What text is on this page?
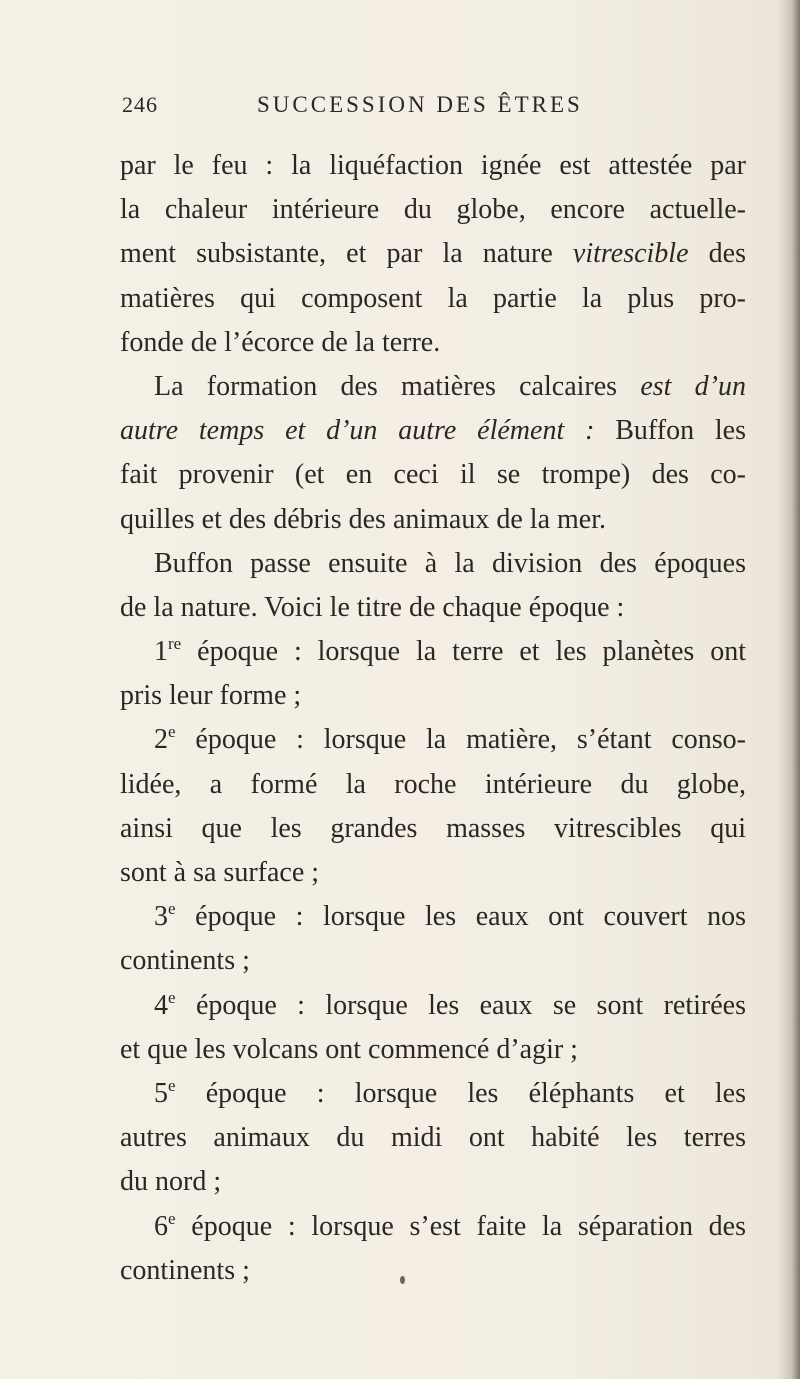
246	SUCCESSION DES ÊTRES
par le feu : la liquéfaction ignée est attestée par
la chaleur intérieure du globe, encore actuelle-
ment subsistante, et par la nature vitrescible des
matières qui composent la partie la plus pro-
fonde de l’écorce de la terre.
La formation des matières calcaires est d’un
autre temps et d’un autre élément : Buffon les
fait provenir (et en ceci il se trompe) des co-
quilles et des débris des animaux de la mer.
Buffon passe ensuite à la division des époques
de la nature. Voici le titre de chaque époque :
1re époque : lorsque la terre et les planètes ont
pris leur forme ;
2e époque : lorsque la matière, s’étant conso-
lidée, a formé la roche intérieure du globe,
ainsi que les grandes masses vitrescibles qui
sont à sa surface ;
3e époque : lorsque les eaux ont couvert nos
continents ;
4e époque : lorsque les eaux se sont retirées
et que les volcans ont commencé d’agir ;
5e époque : lorsque les éléphants et les
autres animaux du midi ont habité les terres
du nord ;
6e époque : lorsque s’est faite la séparation des
continents ;
